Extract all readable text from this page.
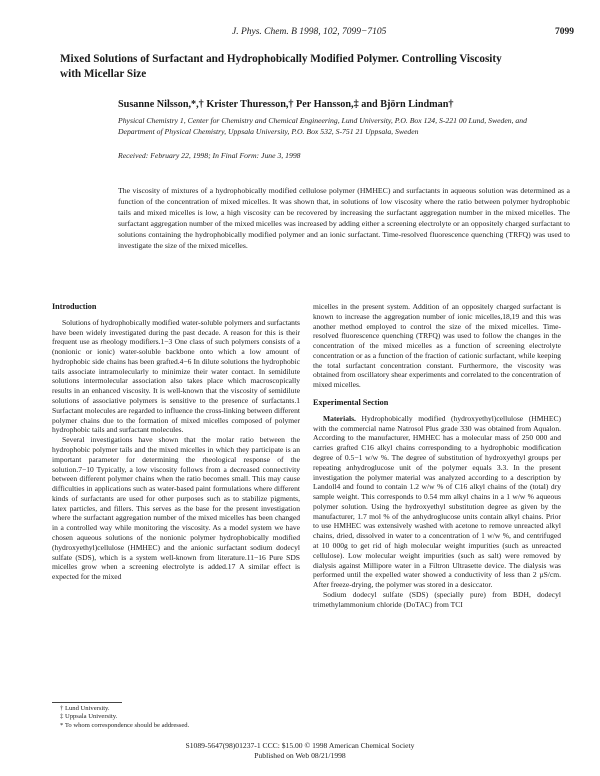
J. Phys. Chem. B 1998, 102, 7099−7105	7099
Mixed Solutions of Surfactant and Hydrophobically Modified Polymer. Controlling Viscosity with Micellar Size
Susanne Nilsson,*,† Krister Thuresson,† Per Hansson,‡ and Björn Lindman†
Physical Chemistry 1, Center for Chemistry and Chemical Engineering, Lund University, P.O. Box 124, S-221 00 Lund, Sweden, and Department of Physical Chemistry, Uppsala University, P.O. Box 532, S-751 21 Uppsala, Sweden
Received: February 22, 1998; In Final Form: June 3, 1998
The viscosity of mixtures of a hydrophobically modified cellulose polymer (HMHEC) and surfactants in aqueous solution was determined as a function of the concentration of mixed micelles. It was shown that, in solutions of low viscosity where the ratio between polymer hydrophobic tails and mixed micelles is low, a high viscosity can be recovered by increasing the surfactant aggregation number in the mixed micelles. The surfactant aggregation number of the mixed micelles was increased by adding either a screening electrolyte or an oppositely charged surfactant to solutions containing the hydrophobically modified polymer and an ionic surfactant. Time-resolved fluorescence quenching (TRFQ) was used to investigate the size of the mixed micelles.
Introduction

Solutions of hydrophobically modified water-soluble polymers and surfactants have been widely investigated during the past decade. A reason for this is their frequent use as rheology modifiers.1−3 One class of such polymers consists of a (nonionic or ionic) water-soluble backbone onto which a low amount of hydrophobic side chains has been grafted.4−6 In dilute solutions the hydrophobic tails associate intramolecularly to minimize their water contact. In semidilute solutions intermolecular association also takes place which macroscopically results in an enhanced viscosity. It is well-known that the viscosity of semidilute solutions of associative polymers is sensitive to the presence of surfactants.1 Surfactant molecules are regarded to influence the cross-linking between different polymer chains due to the formation of mixed micelles composed of polymer hydrophobic tails and surfactant molecules.

Several investigations have shown that the molar ratio between the hydrophobic polymer tails and the mixed micelles in which they participate is an important parameter for determining the rheological response of the solution.7−10 Typically, a low viscosity follows from a decreased connectivity between different polymer chains when the ratio becomes small. This may cause difficulties in applications such as water-based paint formulations where different kinds of surfactants are used for other purposes such as to stabilize pigments, latex particles, and fillers. This serves as the base for the present investigation where the surfactant aggregation number of the mixed micelles has been changed in a controlled way while monitoring the viscosity. As a model system we have chosen aqueous solutions of the nonionic polymer hydrophobically modified (hydroxyethyl)cellulose (HMHEC) and the anionic surfactant sodium dodecyl sulfate (SDS), which is a system well-known from literature.11−16 Pure SDS micelles grow when a screening electrolyte is added.17 A similar effect is expected for the mixed

micelles in the present system. Addition of an oppositely charged surfactant is known to increase the aggregation number of ionic micelles,18,19 and this was another method employed to control the size of the mixed micelles. Time-resolved fluorescence quenching (TRFQ) was used to follow the changes in the concentration of the mixed micelles as a function of screening electrolyte concentration or as a function of the fraction of cationic surfactant, while keeping the total surfactant concentration constant. Furthermore, the viscosity was obtained from oscillatory shear experiments and correlated to the concentration of mixed micelles.

Experimental Section

Materials. Hydrophobically modified (hydroxyethyl)cellulose (HMHEC) with the commercial name Natrosol Plus grade 330 was obtained from Aqualon. According to the manufacturer, HMHEC has a molecular mass of 250 000 and carries grafted C16 alkyl chains corresponding to a hydrophobic modification degree of 0.5−1 w/w %. The degree of substitution of hydroxyethyl groups per repeating anhydroglucose unit of the polymer equals 3.3. In the present investigation the polymer material was analyzed according to a description by Landoll4 and found to contain 1.2 w/w % of C16 alkyl chains of the (total) dry sample weight. This corresponds to 0.54 mm alkyl chains in a 1 w/w % aqueous polymer solution. Using the hydroxyethyl substitution degree as given by the manufacturer, 1.7 mol % of the anhydroglucose units contain alkyl chains. Prior to use HMHEC was extensively washed with acetone to remove unreacted alkyl chains, dried, dissolved in water to a concentration of 1 w/w %, and centrifuged at 10 000g to get rid of high molecular weight impurities (such as unreacted cellulose). Low molecular weight impurities (such as salt) were removed by dialysis against Millipore water in a Filtron Ultrasette device. The dialysis was performed until the expelled water showed a conductivity of less than 2 µS/cm. After freeze-drying, the polymer was stored in a desiccator.

Sodium dodecyl sulfate (SDS) (specially pure) from BDH, dodecyl trimethylammonium chloride (DoTAC) from TCI

† Lund University.
‡ Uppsala University.
* To whom correspondence should be addressed.
S1089-5647(98)01237-1 CCC: $15.00 © 1998 American Chemical Society
Published on Web 08/21/1998
